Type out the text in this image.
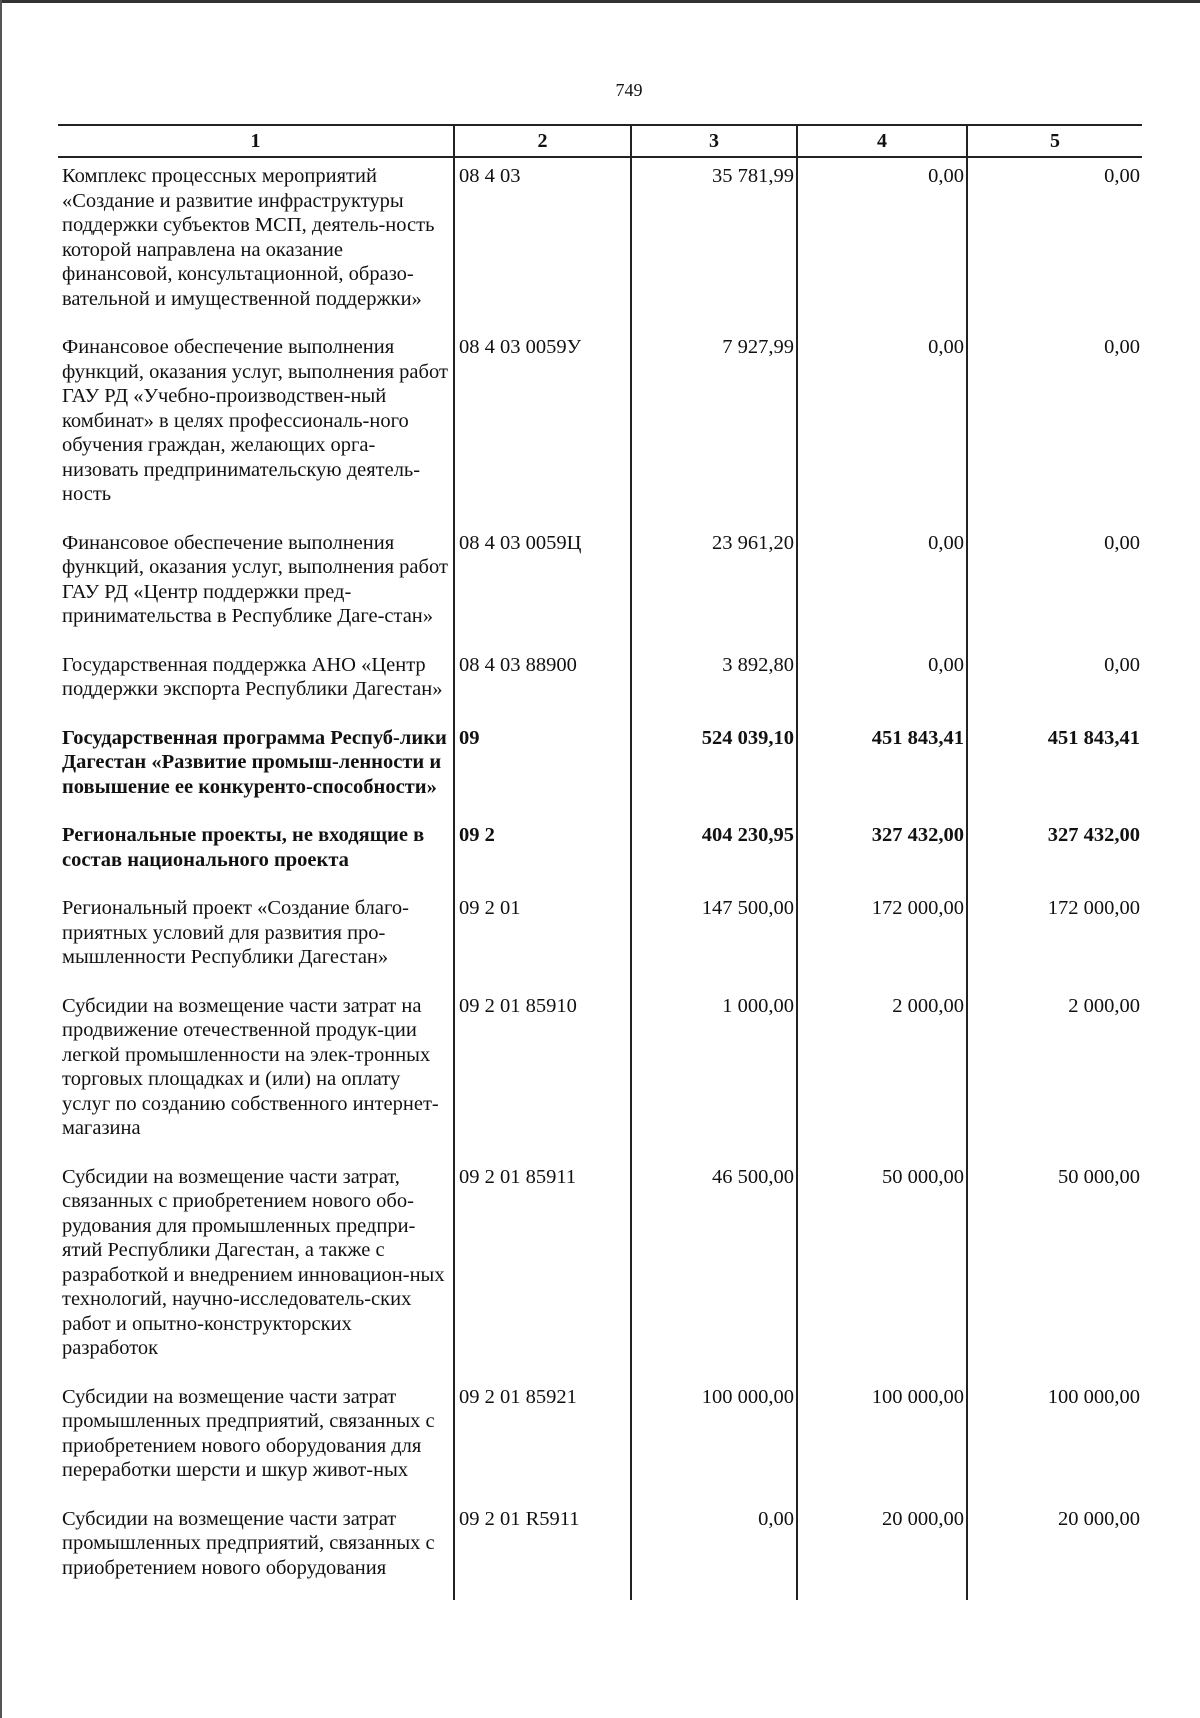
749
1	2	3	4	5
Комплекс процессных мероприятий «Создание и развитие инфраструктуры поддержки субъектов МСП, деятель-ность которой направлена на оказание финансовой, консультационной, образо-вательной и имущественной поддержки»	08 4 03	35 781,99	0,00	0,00
Финансовое обеспечение выполнения функций, оказания услуг, выполнения работ ГАУ РД «Учебно-производствен-ный комбинат» в целях профессиональ-ного обучения граждан, желающих орга-низовать предпринимательскую деятель-ность	08 4 03 0059У	7 927,99	0,00	0,00
Финансовое обеспечение выполнения функций, оказания услуг, выполнения работ ГАУ РД «Центр поддержки пред-принимательства в Республике Даге-стан»	08 4 03 0059Ц	23 961,20	0,00	0,00
Государственная поддержка АНО «Центр поддержки экспорта Республики Дагестан»	08 4 03 88900	3 892,80	0,00	0,00
Государственная программа Респуб-лики Дагестан «Развитие промыш-ленности и повышение ее конкуренто-способности»	09	524 039,10	451 843,41	451 843,41
Региональные проекты, не входящие в состав национального проекта	09 2	404 230,95	327 432,00	327 432,00
Региональный проект «Создание благо-приятных условий для развития про-мышленности Республики Дагестан»	09 2 01	147 500,00	172 000,00	172 000,00
Субсидии на возмещение части затрат на продвижение отечественной продук-ции легкой промышленности на элек-тронных торговых площадках и (или) на оплату услуг по созданию собственного интернет-магазина	09 2 01 85910	1 000,00	2 000,00	2 000,00
Субсидии на возмещение части затрат, связанных с приобретением нового обо-рудования для промышленных предпри-ятий Республики Дагестан, а также с разработкой и внедрением инновацион-ных технологий, научно-исследователь-ских работ и опытно-конструкторских разработок	09 2 01 85911	46 500,00	50 000,00	50 000,00
Субсидии на возмещение части затрат промышленных предприятий, связанных с приобретением нового оборудования для переработки шерсти и шкур живот-ных	09 2 01 85921	100 000,00	100 000,00	100 000,00
Субсидии на возмещение части затрат промышленных предприятий, связанных с приобретением нового оборудования	09 2 01 R5911	0,00	20 000,00	20 000,00
